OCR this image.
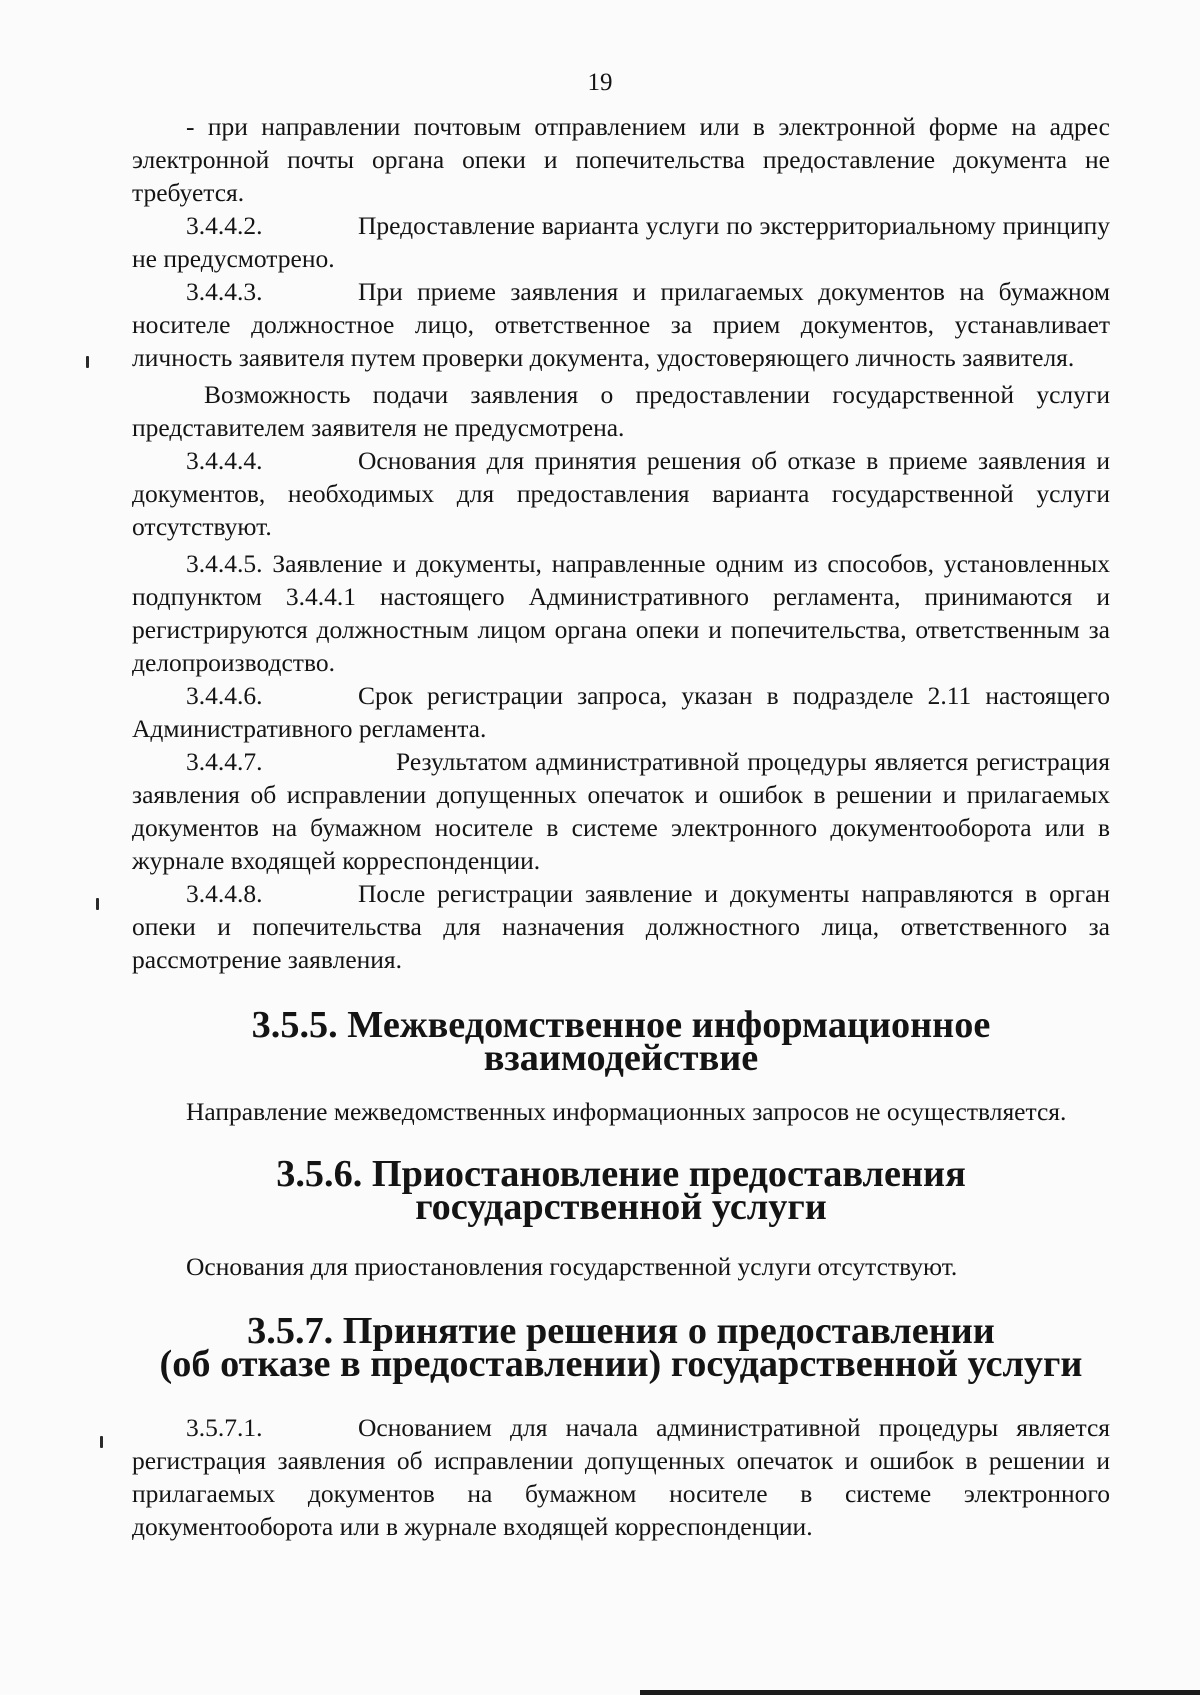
19

- при направлении почтовым отправлением или в электронной форме на адрес электронной почты органа опеки и попечительства предоставление документа не требуется.

3.4.4.2.	Предоставление варианта услуги по экстерриториальному принципу не предусмотрено.

3.4.4.3.	При приеме заявления и прилагаемых документов на бумажном носителе должностное лицо, ответственное за прием документов, устанавливает личность заявителя путем проверки документа, удостоверяющего личность заявителя.

Возможность подачи заявления о предоставлении государственной услуги представителем заявителя не предусмотрена.

3.4.4.4.	Основания для принятия решения об отказе в приеме заявления и документов, необходимых для предоставления варианта государственной услуги отсутствуют.

3.4.4.5. Заявление и документы, направленные одним из способов, установленных подпунктом 3.4.4.1 настоящего Административного регламента, принимаются и регистрируются должностным лицом органа опеки и попечительства, ответственным за делопроизводство.

3.4.4.6.	Срок регистрации запроса, указан в подразделе 2.11 настоящего Административного регламента.

3.4.4.7.	Результатом административной процедуры является регистрация заявления об исправлении допущенных опечаток и ошибок в решении и прилагаемых документов на бумажном носителе в системе электронного документооборота или в журнале входящей корреспонденции.

3.4.4.8.	После регистрации заявление и документы направляются в орган опеки и попечительства для назначения должностного лица, ответственного за рассмотрение заявления.

3.5.5. Межведомственное информационное взаимодействие

Направление межведомственных информационных запросов не осуществляется.

3.5.6. Приостановление предоставления государственной услуги

Основания для приостановления государственной услуги отсутствуют.

3.5.7. Принятие решения о предоставлении
(об отказе в предоставлении) государственной услуги

3.5.7.1.	Основанием для начала административной процедуры является регистрация заявления об исправлении допущенных опечаток и ошибок в решении и прилагаемых документов на бумажном носителе в системе электронного документооборота или в журнале входящей корреспонденции.
